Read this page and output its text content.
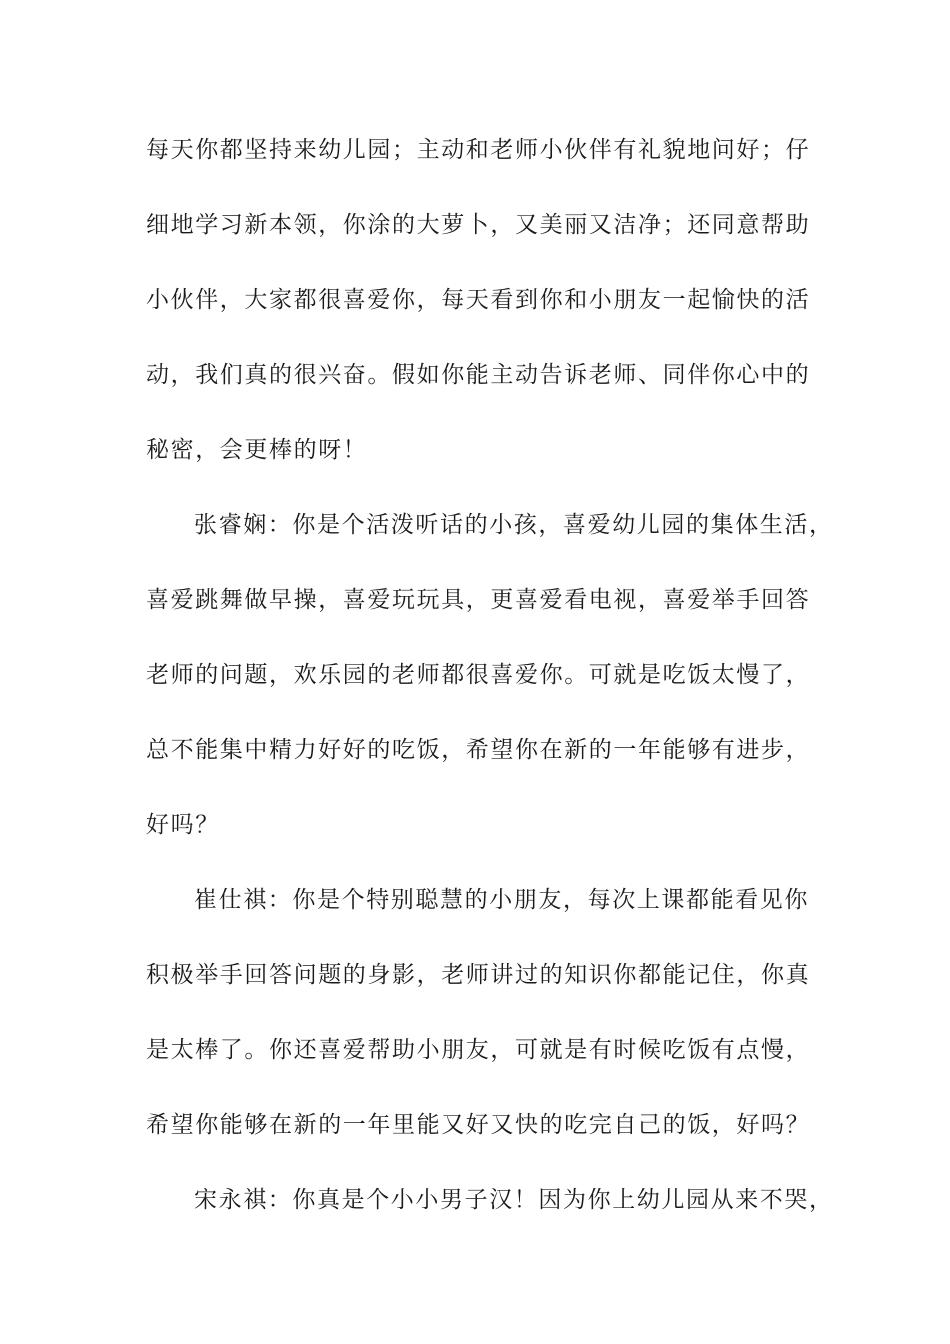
每天你都坚持来幼儿园；主动和老师小伙伴有礼貌地问好；仔
细地学习新本领，你涂的大萝卜，又美丽又洁净；还同意帮助
小伙伴，大家都很喜爱你，每天看到你和小朋友一起愉快的活
动，我们真的很兴奋。假如你能主动告诉老师、同伴你心中的
秘密，会更棒的呀！
张睿娴：你是个活泼听话的小孩，喜爱幼儿园的集体生活，
喜爱跳舞做早操，喜爱玩玩具，更喜爱看电视，喜爱举手回答
老师的问题，欢乐园的老师都很喜爱你。可就是吃饭太慢了，
总不能集中精力好好的吃饭，希望你在新的一年能够有进步，
好吗？
崔仕祺：你是个特别聪慧的小朋友，每次上课都能看见你
积极举手回答问题的身影，老师讲过的知识你都能记住，你真
是太棒了。你还喜爱帮助小朋友，可就是有时候吃饭有点慢，
希望你能够在新的一年里能又好又快的吃完自己的饭，好吗？
宋永祺：你真是个小小男子汉！因为你上幼儿园从来不哭，
